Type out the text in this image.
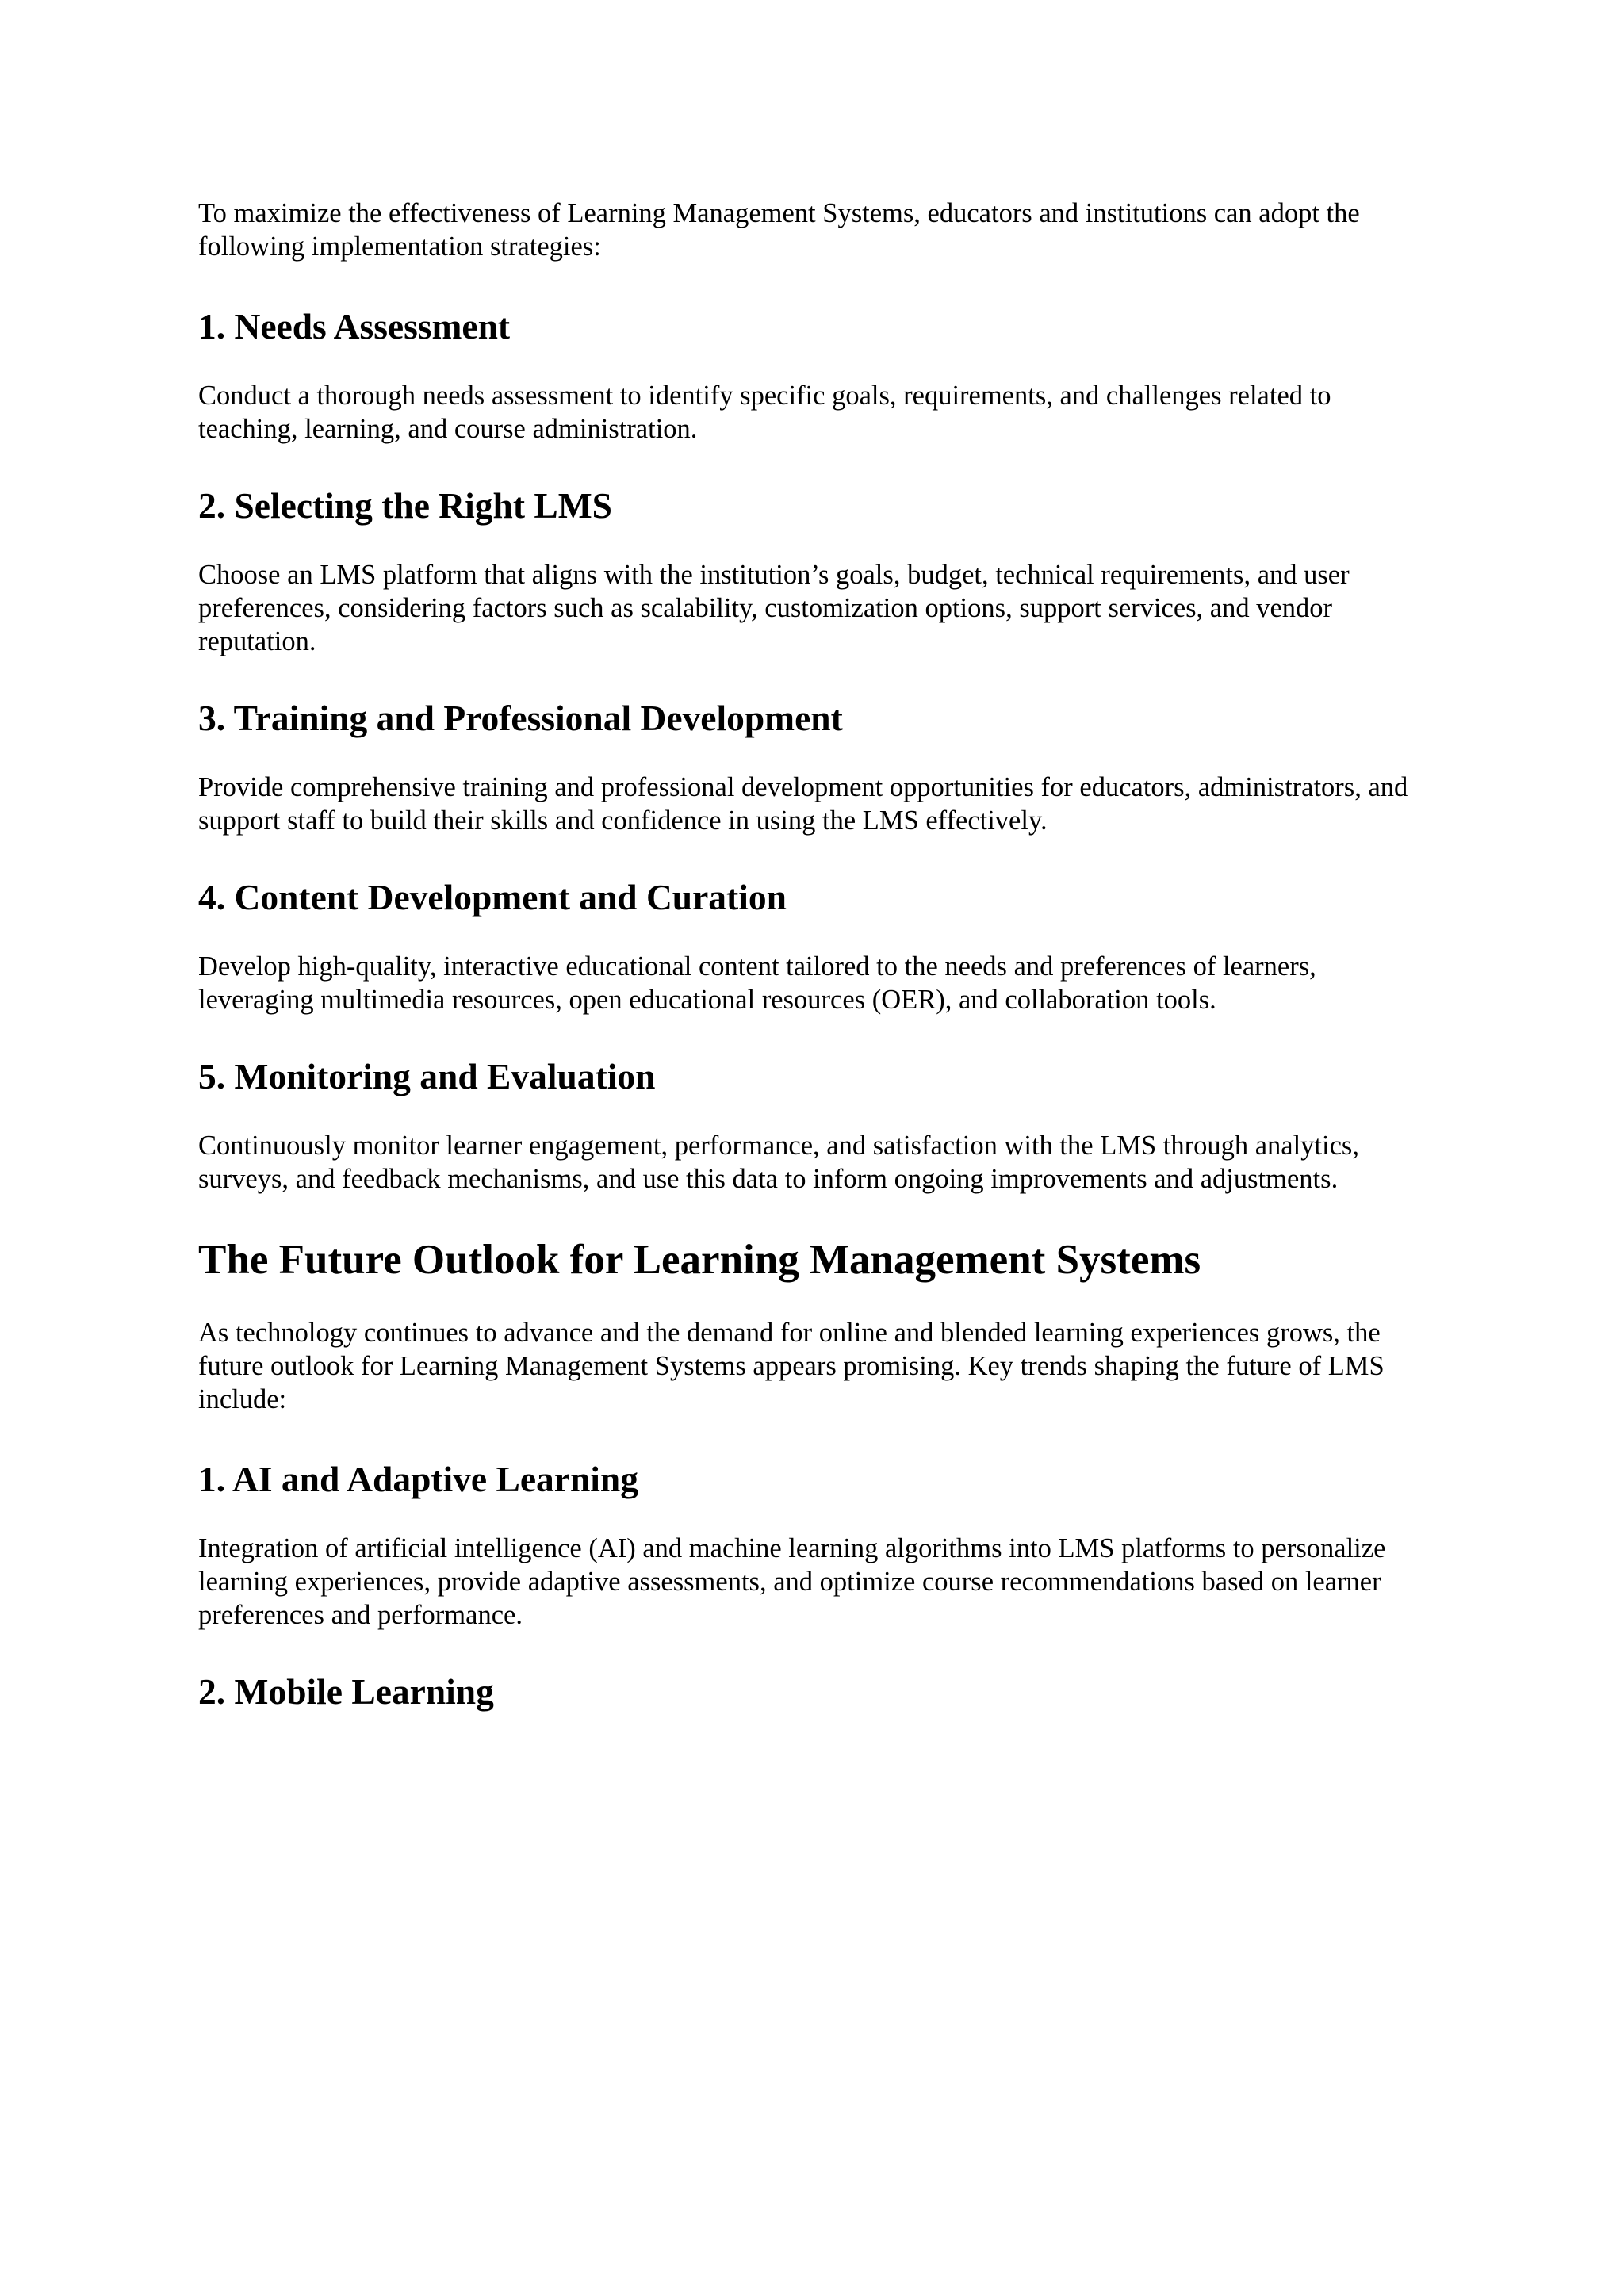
To maximize the effectiveness of Learning Management Systems, educators and institutions can adopt the following implementation strategies:

1. Needs Assessment

Conduct a thorough needs assessment to identify specific goals, requirements, and challenges related to teaching, learning, and course administration.

2. Selecting the Right LMS

Choose an LMS platform that aligns with the institution’s goals, budget, technical requirements, and user preferences, considering factors such as scalability, customization options, support services, and vendor reputation.

3. Training and Professional Development

Provide comprehensive training and professional development opportunities for educators, administrators, and support staff to build their skills and confidence in using the LMS effectively.

4. Content Development and Curation

Develop high-quality, interactive educational content tailored to the needs and preferences of learners, leveraging multimedia resources, open educational resources (OER), and collaboration tools.

5. Monitoring and Evaluation

Continuously monitor learner engagement, performance, and satisfaction with the LMS through analytics, surveys, and feedback mechanisms, and use this data to inform ongoing improvements and adjustments.

The Future Outlook for Learning Management Systems

As technology continues to advance and the demand for online and blended learning experiences grows, the future outlook for Learning Management Systems appears promising. Key trends shaping the future of LMS include:

1. AI and Adaptive Learning

Integration of artificial intelligence (AI) and machine learning algorithms into LMS platforms to personalize learning experiences, provide adaptive assessments, and optimize course recommendations based on learner preferences and performance.

2. Mobile Learning
